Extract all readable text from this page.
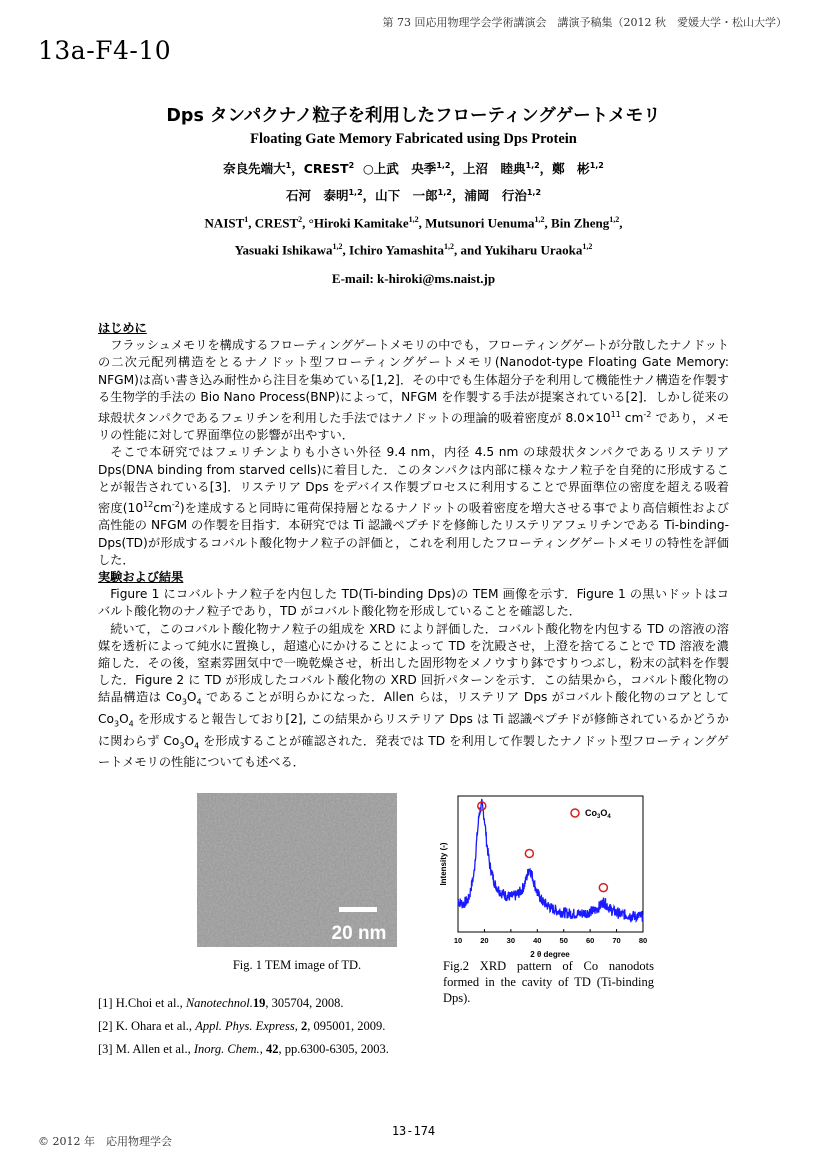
第 73 回応用物理学会学術講演会　講演予稿集（2012 秋　愛媛大学・松山大学）
13a-F4-10
Dps タンパクナノ粒子を利用したフローティングゲートメモリ
Floating Gate Memory Fabricated using Dps Protein
奈良先端大$^1$，CREST$^2$ ○上武　央季$^{1,2}$，上沼　睦典$^{1,2}$，鄭　彬$^{1,2}$
石河　泰明$^{1,2}$，山下　一郎$^{1,2}$，浦岡　行治$^{1,2}$
NAIST$^1$, CREST$^2$, °Hiroki Kamitake$^{1,2}$, Mutsunori Uenuma$^{1,2}$, Bin Zheng$^{1,2}$,
Yasuaki Ishikawa$^{1,2}$, Ichiro Yamashita$^{1,2}$, and Yukiharu Uraoka$^{1,2}$
E-mail: k-hiroki@ms.naist.jp
はじめに

フラッシュメモリを構成するフローティングゲートメモリの中でも，フローティングゲートが分散したナノドットの二次元配列構造をとるナノドット型フローティングゲートメモリ(Nanodot-type Floating Gate Memory: NFGM)は高い書き込み耐性から注目を集めている[1,2]．その中でも生体超分子を利用して機能性ナノ構造を作製する生物学的手法の Bio Nano Process(BNP)によって，NFGM を作製する手法が提案されている[2]．しかし従来の球殻状タンパクであるフェリチンを利用した手法ではナノドットの理論的吸着密度が $8.0\times 10^{11}$ $cm^{-2}$ であり，メモリの性能に対して界面準位の影響が出やすい．

そこで本研究ではフェリチンよりも小さい外径 9.4 nm，内径 4.5 nm の球殻状タンパクであるリステリア Dps(DNA binding from starved cells)に着目した．このタンパクは内部に様々なナノ粒子を自発的に形成することが報告されている[3]．リステリア Dps をデバイス作製プロセスに利用することで界面準位の密度を超える吸着密度$(10^{12}cm^{-2})$を達成すると同時に電荷保持層となるナノドットの吸着密度を増大させる事でより高信頼性および高性能の NFGM の作製を目指す．本研究では Ti 認識ペプチドを修飾したリステリアフェリチンである Ti-binding-Dps(TD)が形成するコバルト酸化物ナノ粒子の評価と，これを利用したフローティングゲートメモリの特性を評価した．

実験および結果

Figure 1 にコバルトナノ粒子を内包した TD(Ti-binding Dps)の TEM 画像を示す．Figure 1 の黒いドットはコバルト酸化物のナノ粒子であり，TD がコバルト酸化物を形成していることを確認した．

続いて，このコバルト酸化物ナノ粒子の組成を XRD により評価した．コバルト酸化物を内包する TD の溶液の溶媒を透析によって純水に置換し，超遠心にかけることによって TD を沈殿させ，上澄を捨てることで TD 溶液を濃縮した．その後，窒素雰囲気中で一晩乾燥させ，析出した固形物をメノウすり鉢ですりつぶし，粉末の試料を作製した．Figure 2 に TD が形成したコバルト酸化物の XRD 回折パターンを示す．この結果から，コバルト酸化物の結晶構造は $Co_3O_4$ であることが明らかになった．Allen らは，リステリア Dps がコバルト酸化物のコアとして $Co_3O_4$ を形成すると報告しており[2], この結果からリステリア Dps は Ti 認識ペプチドが修飾されているかどうかに関わらず $Co_3O_4$ を形成することが確認された．発表では TD を利用して作製したナノドット型フローティングゲートメモリの性能についても述べる．

20 nm
Fig. 1 TEM image of TD.
10 20 30 40 50 60 70 80
2 θ degree
Intensity (-)
$Co_3O_4$
Fig.2 XRD pattern of Co nanodots formed in the cavity of TD (Ti-binding Dps).
[1] H.Choi et al., Nanotechnol.19, 305704, 2008.
[2] K. Ohara et al., Appl. Phys. Express, 2, 095001, 2009.
[3] M. Allen et al., Inorg. Chem., 42, pp.6300-6305, 2003.
13-174
© 2012 年　応用物理学会
